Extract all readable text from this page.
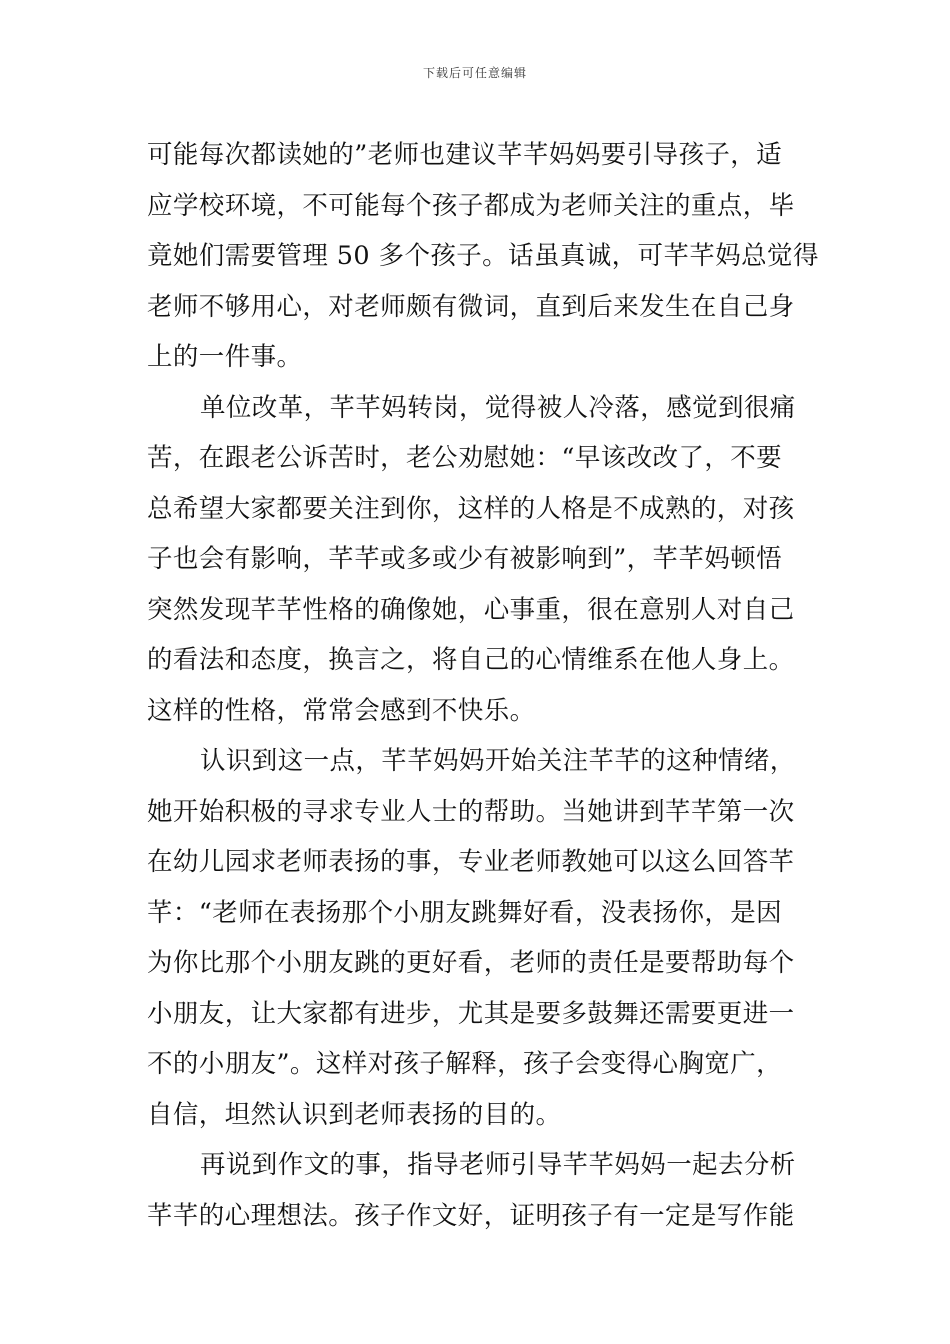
下载后可任意编辑
可能每次都读她的”老师也建议芊芊妈妈要引导孩子，适
应学校环境，不可能每个孩子都成为老师关注的重点，毕
竟她们需要管理 50 多个孩子。话虽真诚，可芊芊妈总觉得
老师不够用心，对老师颇有微词，直到后来发生在自己身
上的一件事。
单位改革，芊芊妈转岗，觉得被人冷落，感觉到很痛
苦，在跟老公诉苦时，老公劝慰她：“早该改改了，不要
总希望大家都要关注到你，这样的人格是不成熟的，对孩
子也会有影响，芊芊或多或少有被影响到”，芊芊妈顿悟
突然发现芊芊性格的确像她，心事重，很在意别人对自己
的看法和态度，换言之，将自己的心情维系在他人身上。
这样的性格，常常会感到不快乐。
认识到这一点，芊芊妈妈开始关注芊芊的这种情绪，
她开始积极的寻求专业人士的帮助。当她讲到芊芊第一次
在幼儿园求老师表扬的事，专业老师教她可以这么回答芊
芊：“老师在表扬那个小朋友跳舞好看，没表扬你，是因
为你比那个小朋友跳的更好看，老师的责任是要帮助每个
小朋友，让大家都有进步，尤其是要多鼓舞还需要更进一
不的小朋友”。这样对孩子解释，孩子会变得心胸宽广，
自信，坦然认识到老师表扬的目的。
再说到作文的事，指导老师引导芊芊妈妈一起去分析
芊芊的心理想法。孩子作文好，证明孩子有一定是写作能
